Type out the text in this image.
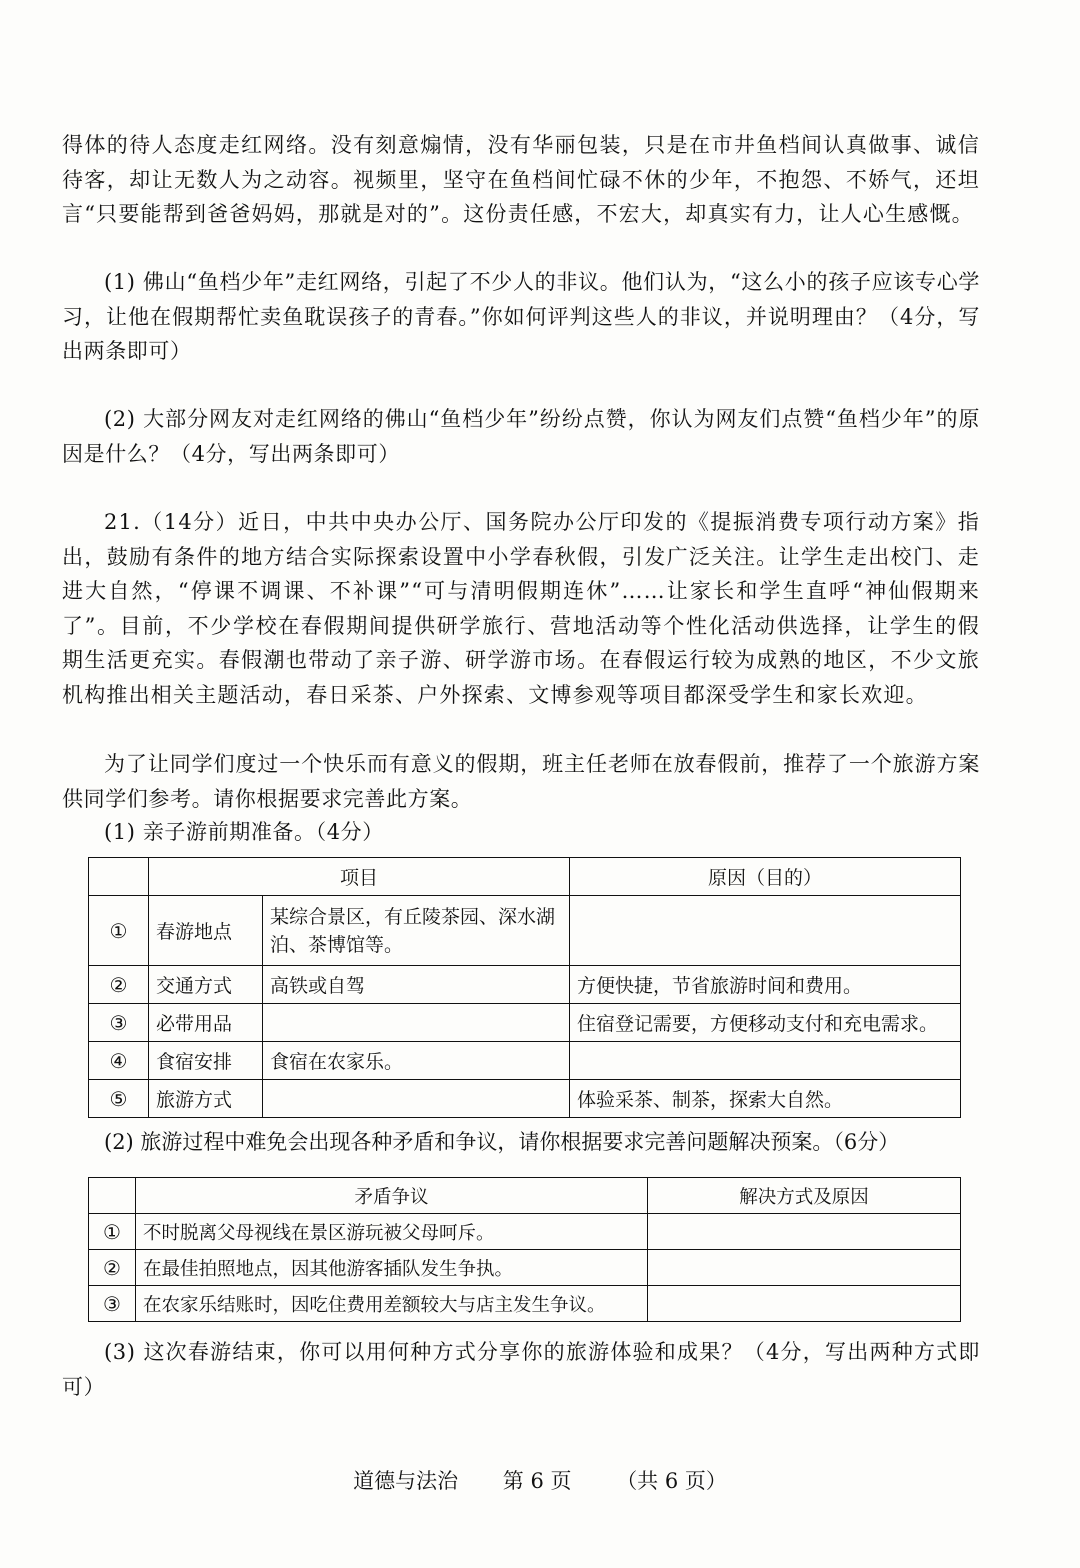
得体的待人态度走红网络。没有刻意煽情，没有华丽包装，只是在市井鱼档间认真做事、诚信待客，却让无数人为之动容。视频里，坚守在鱼档间忙碌不休的少年，不抱怨、不娇气，还坦言“只要能帮到爸爸妈妈，那就是对的”。这份责任感，不宏大，却真实有力，让人心生感慨。

(1) 佛山“鱼档少年”走红网络，引起了不少人的非议。他们认为，“这么小的孩子应该专心学习，让他在假期帮忙卖鱼耽误孩子的青春。”你如何评判这些人的非议，并说明理由？（4分，写出两条即可）

(2) 大部分网友对走红网络的佛山“鱼档少年”纷纷点赞，你认为网友们点赞“鱼档少年”的原因是什么？（4分，写出两条即可）

21.（14分）近日，中共中央办公厅、国务院办公厅印发的《提振消费专项行动方案》指出，鼓励有条件的地方结合实际探索设置中小学春秋假，引发广泛关注。让学生走出校门、走进大自然，“停课不调课、不补课”“可与清明假期连休”……让家长和学生直呼“神仙假期来了”。目前，不少学校在春假期间提供研学旅行、营地活动等个性化活动供选择，让学生的假期生活更充实。春假潮也带动了亲子游、研学游市场。在春假运行较为成熟的地区，不少文旅机构推出相关主题活动，春日采茶、户外探索、文博参观等项目都深受学生和家长欢迎。

为了让同学们度过一个快乐而有意义的假期，班主任老师在放春假前，推荐了一个旅游方案供同学们参考。请你根据要求完善此方案。

(1) 亲子游前期准备。（4分）

	项目		原因（目的）
①	春游地点	某综合景区，有丘陵茶园、深水湖泊、茶博馆等。	
②	交通方式	高铁或自驾	方便快捷，节省旅游时间和费用。
③	必带用品		住宿登记需要，方便移动支付和充电需求。
④	食宿安排	食宿在农家乐。	
⑤	旅游方式		体验采茶、制茶，探索大自然。

(2) 旅游过程中难免会出现各种矛盾和争议，请你根据要求完善问题解决预案。（6分）

	矛盾争议	解决方式及原因
①	不时脱离父母视线在景区游玩被父母呵斥。	
②	在最佳拍照地点，因其他游客插队发生争执。	
③	在农家乐结账时，因吃住费用差额较大与店主发生争议。	

(3) 这次春游结束，你可以用何种方式分享你的旅游体验和成果？（4分，写出两种方式即可）

道德与法治 第 6 页 （共 6 页）
